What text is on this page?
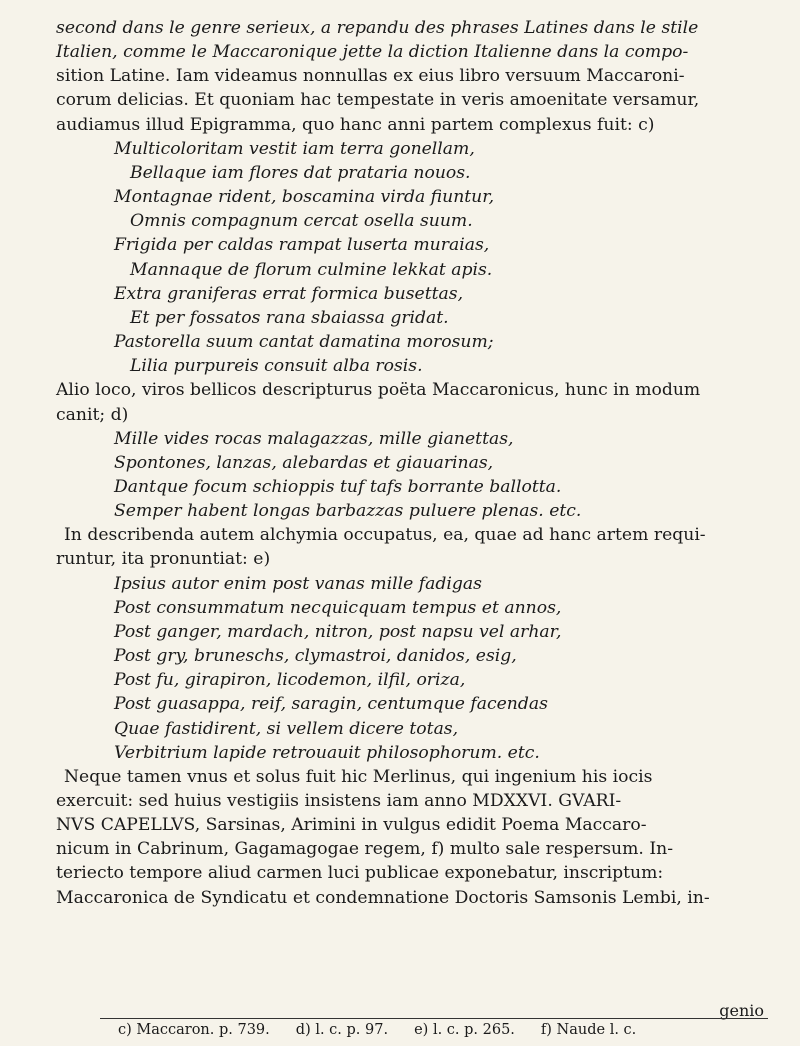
second dans le genre serieux, a repandu des phrases Latines dans le stile
Italien, comme le Maccaronique jette la diction Italienne dans la compo-
sition Latine. Iam videamus nonnullas ex eius libro versuum Maccaroni-
corum delicias. Et quoniam hac tempestate in veris amoenitate versamur,
audiamus illud Epigramma, quo hanc anni partem complexus fuit: c)
Multicoloritam vestit iam terra gonellam,
Bellaque iam flores dat prataria nouos.
Montagnae rident, boscamina virda fiuntur,
Omnis compagnum cercat osella suum.
Frigida per caldas rampat luserta muraias,
Mannaque de florum culmine lekkat apis.
Extra graniferas errat formica busettas,
Et per fossatos rana sbaiassa gridat.
Pastorella suum cantat damatina morosum;
Lilia purpureis consuit alba rosis.
Alio loco, viros bellicos descripturus poëta Maccaronicus, hunc in modum
canit; d)
Mille vides rocas malagazzas, mille gianettas,
Spontones, lanzas, alebardas et giauarinas,
Dantque focum schioppis tuf tafs borrante ballotta.
Semper habent longas barbazzas puluere plenas. etc.
In describenda autem alchymia occupatus, ea, quae ad hanc artem requi-
runtur, ita pronuntiat: e)
Ipsius autor enim post vanas mille fadigas
Post consummatum necquicquam tempus et annos,
Post ganger, mardach, nitron, post napsu vel arhar,
Post gry, bruneschs, clymastroi, danidos, esig,
Post fu, girapiron, licodemon, ilfil, oriza,
Post guasappa, reif, saragin, centumque facendas
Quae fastidirent, si vellem dicere totas,
Verbitrium lapide retrouauit philosophorum. etc.
Neque tamen vnus et solus fuit hic Merlinus, qui ingenium his iocis
exercuit: sed huius vestigiis insistens iam anno MDXXVI. GVARI-
NVS CAPELLVS, Sarsinas, Arimini in vulgus edidit Poema Maccaro-
nicum in Cabrinum, Gagamagogae regem, f) multo sale respersum. In-
teriecto tempore aliud carmen luci publicae exponebatur, inscriptum:
Maccaronica de Syndicatu et condemnatione Doctoris Samsonis Lembi, in-
genio
c) Maccaron. p. 739. d) l. c. p. 97. e) l. c. p. 265. f) Naude l. c.
